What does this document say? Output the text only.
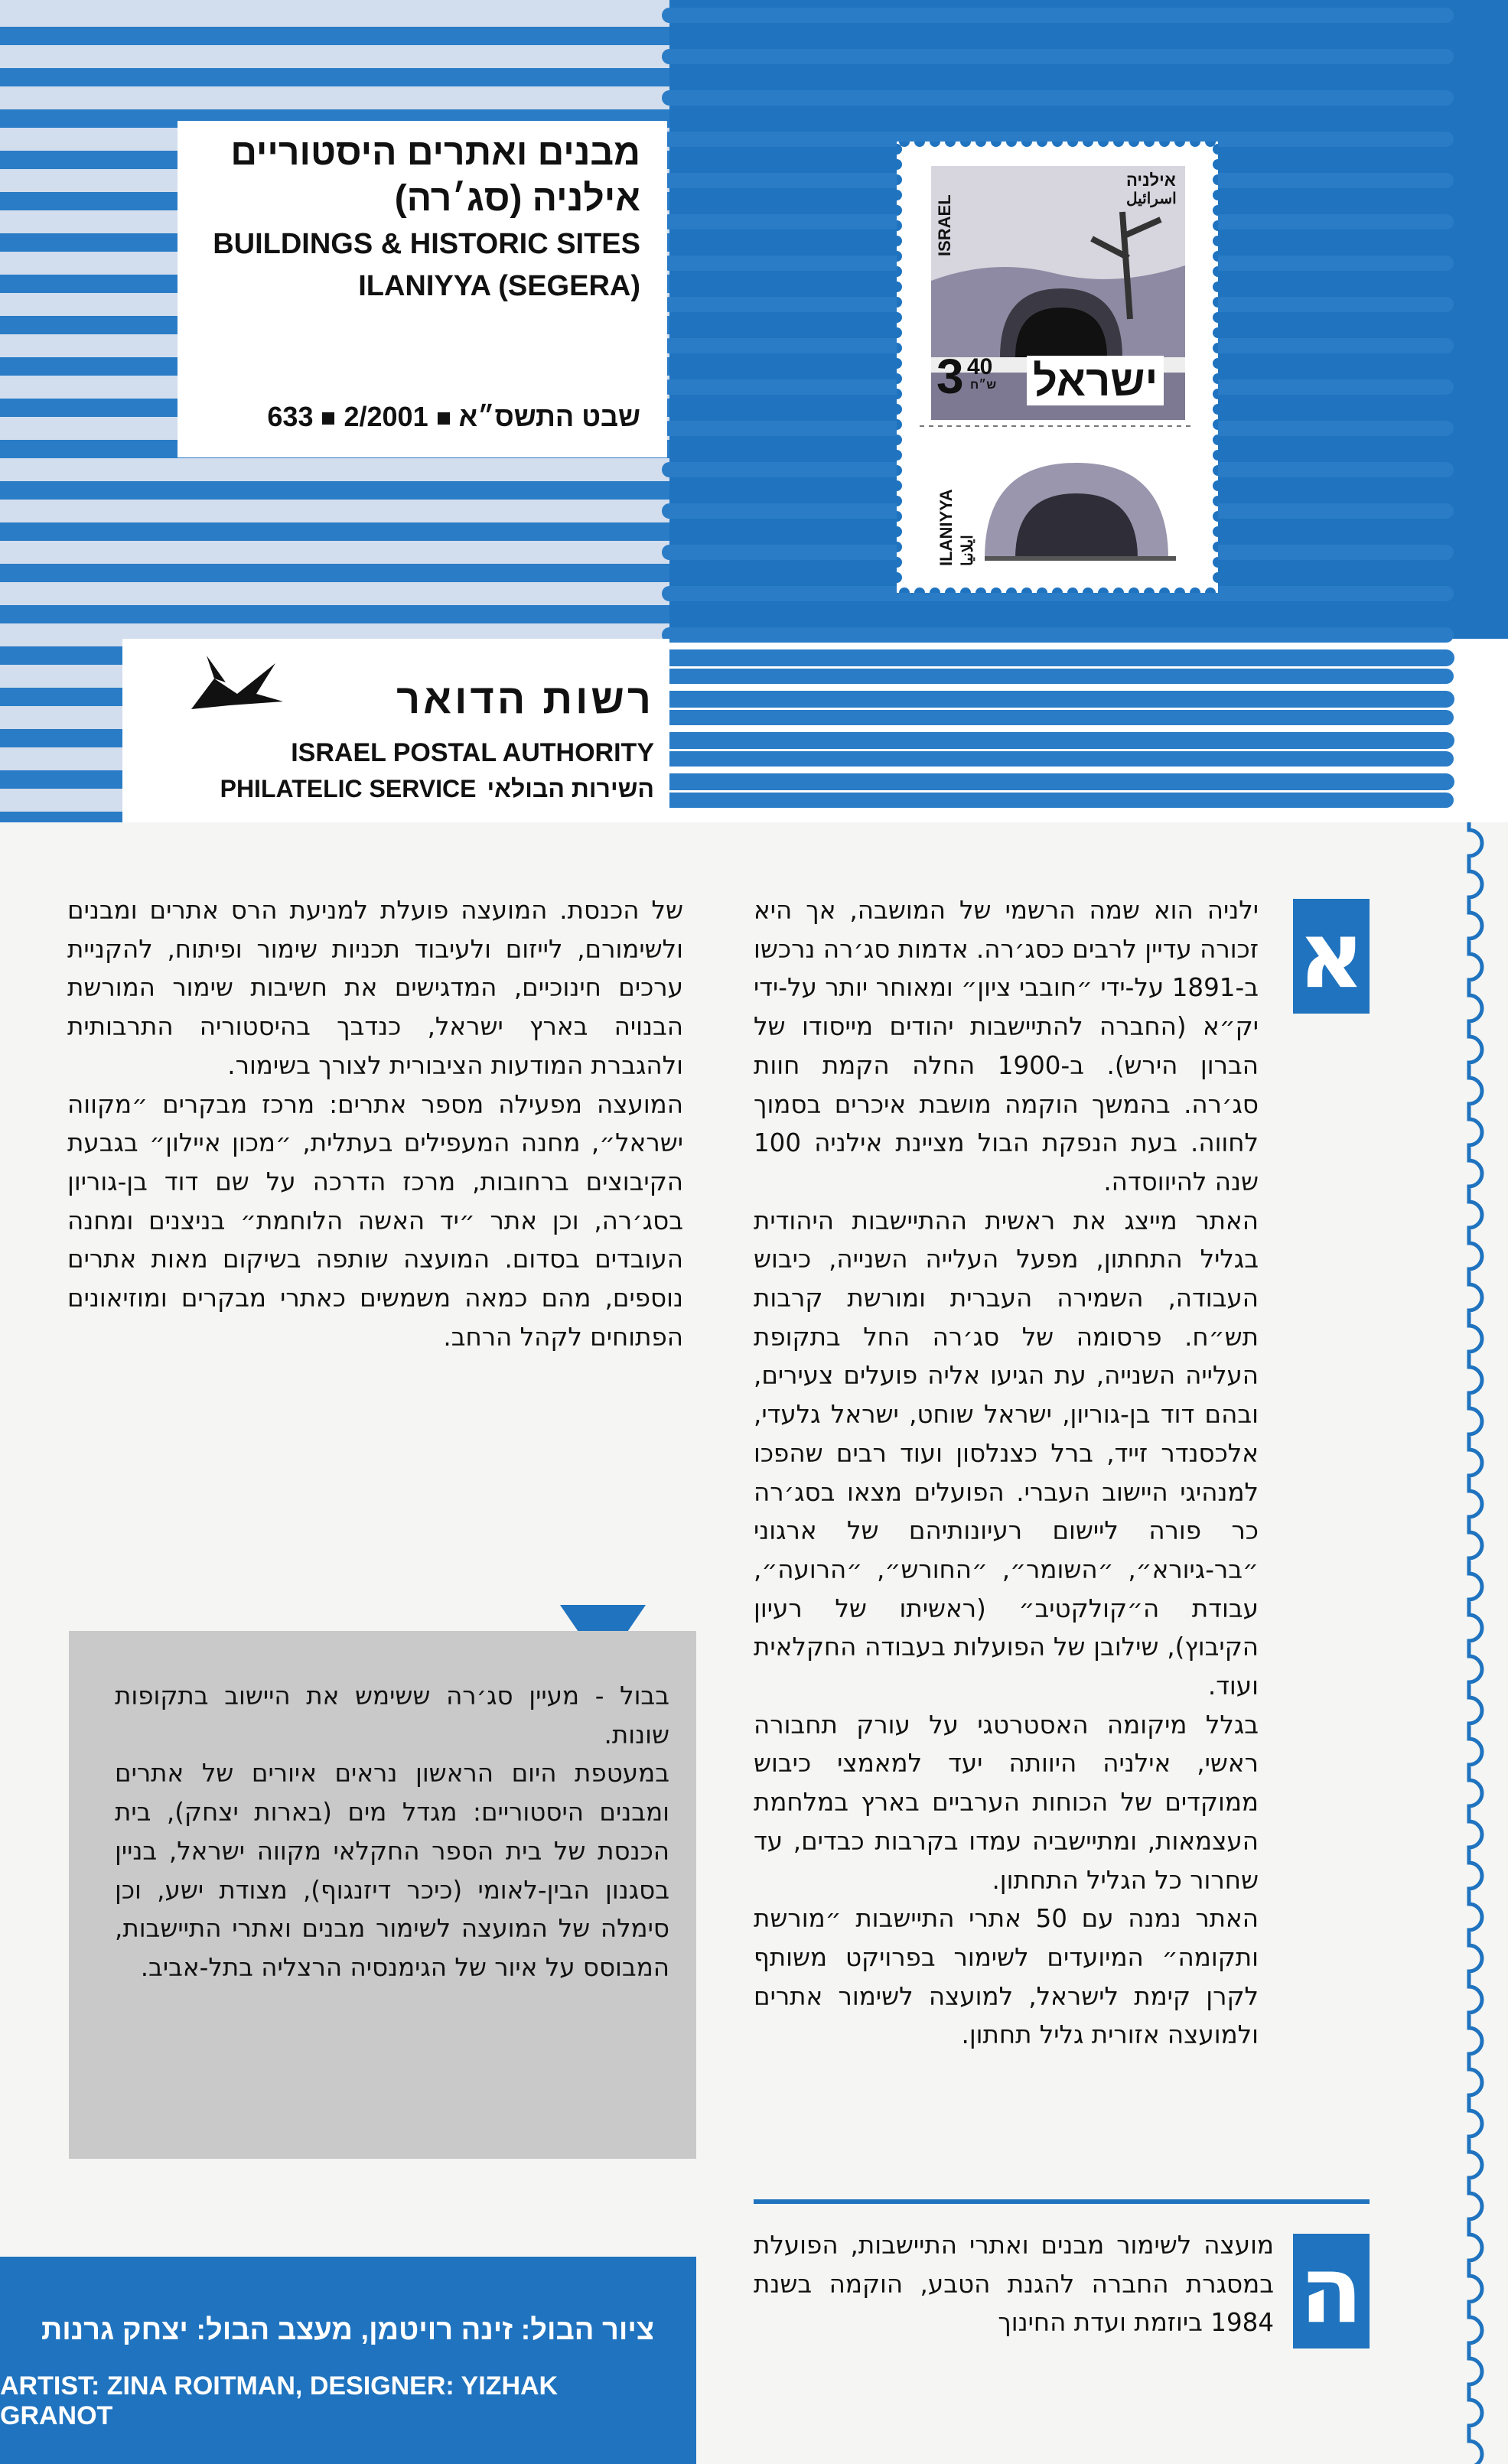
מבנים ואתרים היסטוריים
אילניה (סג׳רה)
BUILDINGS & HISTORIC SITES
ILANIYYA (SEGERA)
שבט התשס״א2/2001633
אילניה
اسرائيل
ISRAEL
3 40
ש״ח ישראל
ILANIYYA ايلانيا
רשות הדואר
ISRAEL POSTAL AUTHORITY
PHILATELIC SERVICE השירות הבולאי

ילניה הוא שמה הרשמי של המושבה, אך היא זכורה עדיין לרבים כסג׳רה. אדמות סג׳רה נרכשו ב-1891 על-ידי ״חובבי ציון״ ומאוחר יותר על-ידי יק״א (החברה להתיישבות יהודים מייסודו של הברון הירש). ב-1900 החלה הקמת חוות סג׳רה. בהמשך הוקמה מושבת איכרים בסמוך לחווה. בעת הנפקת הבול מציינת אילניה 100 שנה להיווסדה.

האתר מייצג את ראשית ההתיישבות היהודית בגליל התחתון, מפעל העלייה השנייה, כיבוש העבודה, השמירה העברית ומורשת קרבות תש״ח. פרסומה של סג׳רה החל בתקופת העלייה השנייה, עת הגיעו אליה פועלים צעירים, ובהם דוד בן-גוריון, ישראל שוחט, ישראל גלעדי, אלכסנדר זייד, ברל כצנלסון ועוד רבים שהפכו למנהיגי היישוב העברי. הפועלים מצאו בסג׳רה כר פורה ליישום רעיונותיהם של ארגוני ״בר-גיורא״, ״השומר״, ״החורש״, ״הרועה״, עבודת ה״קולקטיב״ (ראשיתו של רעיון הקיבוץ), שילובן של הפועלות בעבודה החקלאית ועוד.

בגלל מיקומה האסטרטגי על עורק תחבורה ראשי, אילניה היוותה יעד למאמצי כיבוש ממוקדים של הכוחות הערביים בארץ במלחמת העצמאות, ומתיישביה עמדו בקרבות כבדים, עד שחרור כל הגליל התחתון.

האתר נמנה עם 50 אתרי התיישבות ״מורשת ותקומה״ המיועדים לשימור בפרויקט משותף לקרן קימת לישראל, למועצה לשימור אתרים ולמועצה אזורית גליל תחתון.

של הכנסת. המועצה פועלת למניעת הרס אתרים ומבנים ולשימורם, לייזום ולעיבוד תכניות שימור ופיתוח, להקניית ערכים חינוכיים, המדגישים את חשיבות שימור המורשת הבנויה בארץ ישראל, כנדבך בהיסטוריה התרבותית ולהגברת המודעות הציבורית לצורך בשימור.

המועצה מפעילה מספר אתרים: מרכז מבקרים ״מקווה ישראל״, מחנה המעפילים בעתלית, ״מכון איילון״ בגבעת הקיבוצים ברחובות, מרכז הדרכה על שם דוד בן-גוריון בסג׳רה, וכן אתר ״יד האשה הלוחמת״ בניצנים ומחנה העובדים בסדום. המועצה שותפה בשיקום מאות אתרים נוספים, מהם כמאה משמשים כאתרי מבקרים ומוזיאונים הפתוחים לקהל הרחב.

א

בבול - מעיין סג׳רה ששימש את היישוב בתקופות שונות.

במעטפת היום הראשון נראים איורים של אתרים ומבנים היסטוריים: מגדל מים (בארות יצחק), בית הכנסת של בית הספר החקלאי מקווה ישראל, בניין בסגנון הבין-לאומי (כיכר דיזנגוף), מצודת ישע, וכן סימלה של המועצה לשימור מבנים ואתרי התיישבות, המבוסס על איור של הגימנסיה הרצליה בתל-אביב.

ה
מועצה לשימור מבנים ואתרי התיישבות, הפועלת במסגרת החברה להגנת הטבע, הוקמה בשנת 1984 ביוזמת ועדת החינוך
ציור הבול: זינה רויטמן, מעצב הבול: יצחק גרנות
ARTIST: ZINA ROITMAN, DESIGNER: YIZHAK GRANOT
